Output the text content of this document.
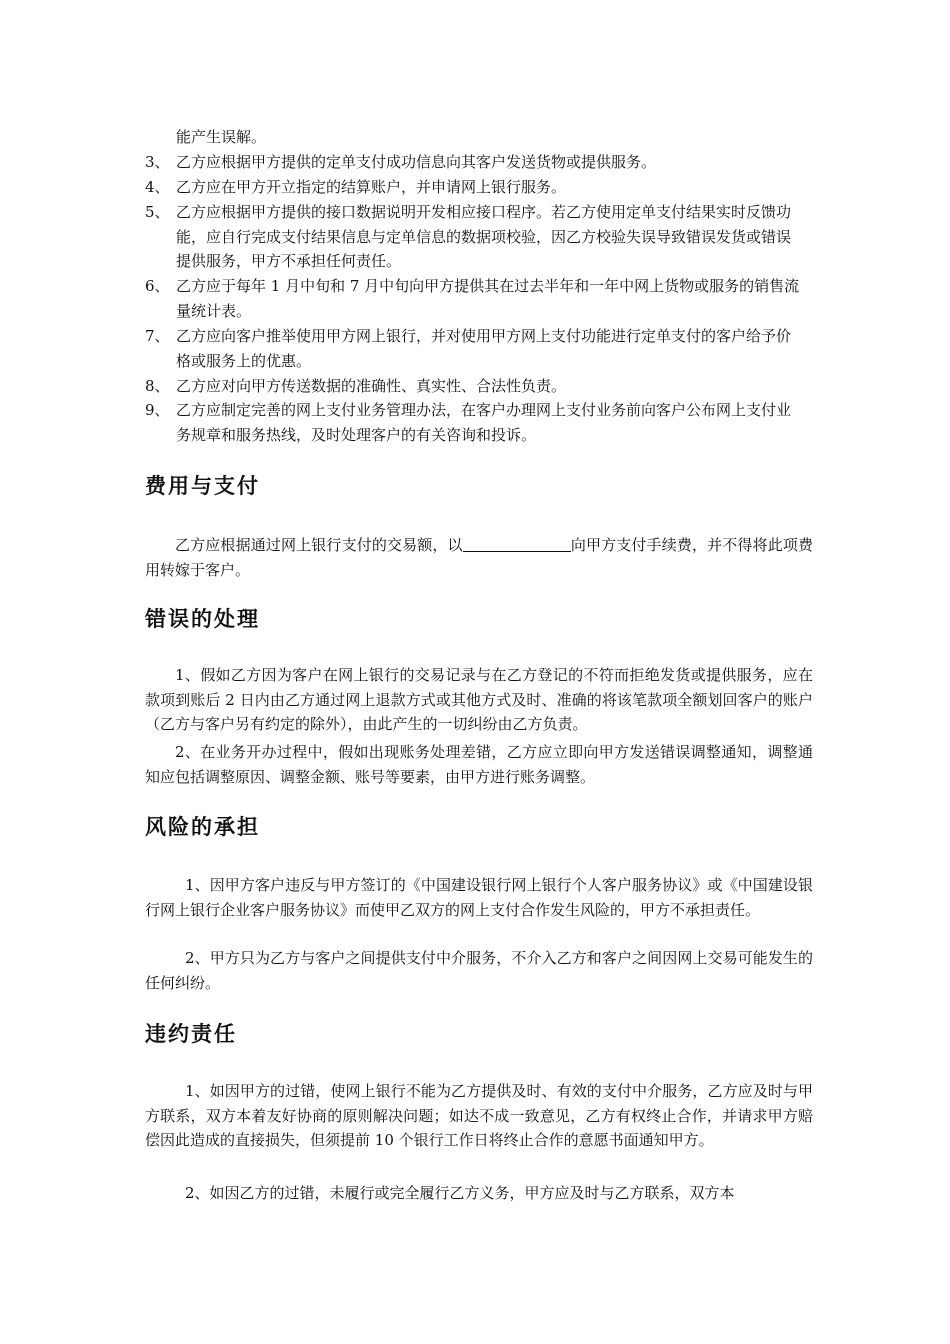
能产生误解。
3、 乙方应根据甲方提供的定单支付成功信息向其客户发送货物或提供服务。
4、 乙方应在甲方开立指定的结算账户，并申请网上银行服务。
5、 乙方应根据甲方提供的接口数据说明开发相应接口程序。若乙方使用定单支付结果实时反馈功能，应自行完成支付结果信息与定单信息的数据项校验，因乙方校验失误导致错误发货或错误提供服务，甲方不承担任何责任。
6、 乙方应于每年 1 月中旬和 7 月中旬向甲方提供其在过去半年和一年中网上货物或服务的销售流量统计表。
7、 乙方应向客户推举使用甲方网上银行，并对使用甲方网上支付功能进行定单支付的客户给予价格或服务上的优惠。
8、 乙方应对向甲方传送数据的准确性、真实性、合法性负责。
9、 乙方应制定完善的网上支付业务管理办法，在客户办理网上支付业务前向客户公布网上支付业务规章和服务热线，及时处理客户的有关咨询和投诉。
费用与支付
乙方应根据通过网上银行支付的交易额，以	向甲方支付手续费，并不得将此项费用转嫁于客户。
错误的处理
1、假如乙方因为客户在网上银行的交易记录与在乙方登记的不符而拒绝发货或提供服务，应在款项到账后 2 日内由乙方通过网上退款方式或其他方式及时、准确的将该笔款项全额划回客户的账户（乙方与客户另有约定的除外），由此产生的一切纠纷由乙方负责。
2、在业务开办过程中，假如出现账务处理差错，乙方应立即向甲方发送错误调整通知，调整通知应包括调整原因、调整金额、账号等要素，由甲方进行账务调整。
风险的承担
1、因甲方客户违反与甲方签订的《中国建设银行网上银行个人客户服务协议》或《中国建设银行网上银行企业客户服务协议》而使甲乙双方的网上支付合作发生风险的，甲方不承担责任。
2、甲方只为乙方与客户之间提供支付中介服务，不介入乙方和客户之间因网上交易可能发生的任何纠纷。
违约责任
1、如因甲方的过错，使网上银行不能为乙方提供及时、有效的支付中介服务，乙方应及时与甲方联系，双方本着友好协商的原则解决问题；如达不成一致意见，乙方有权终止合作，并请求甲方赔偿因此造成的直接损失，但须提前 10 个银行工作日将终止合作的意愿书面通知甲方。
2、如因乙方的过错，未履行或完全履行乙方义务，甲方应及时与乙方联系，双方本
